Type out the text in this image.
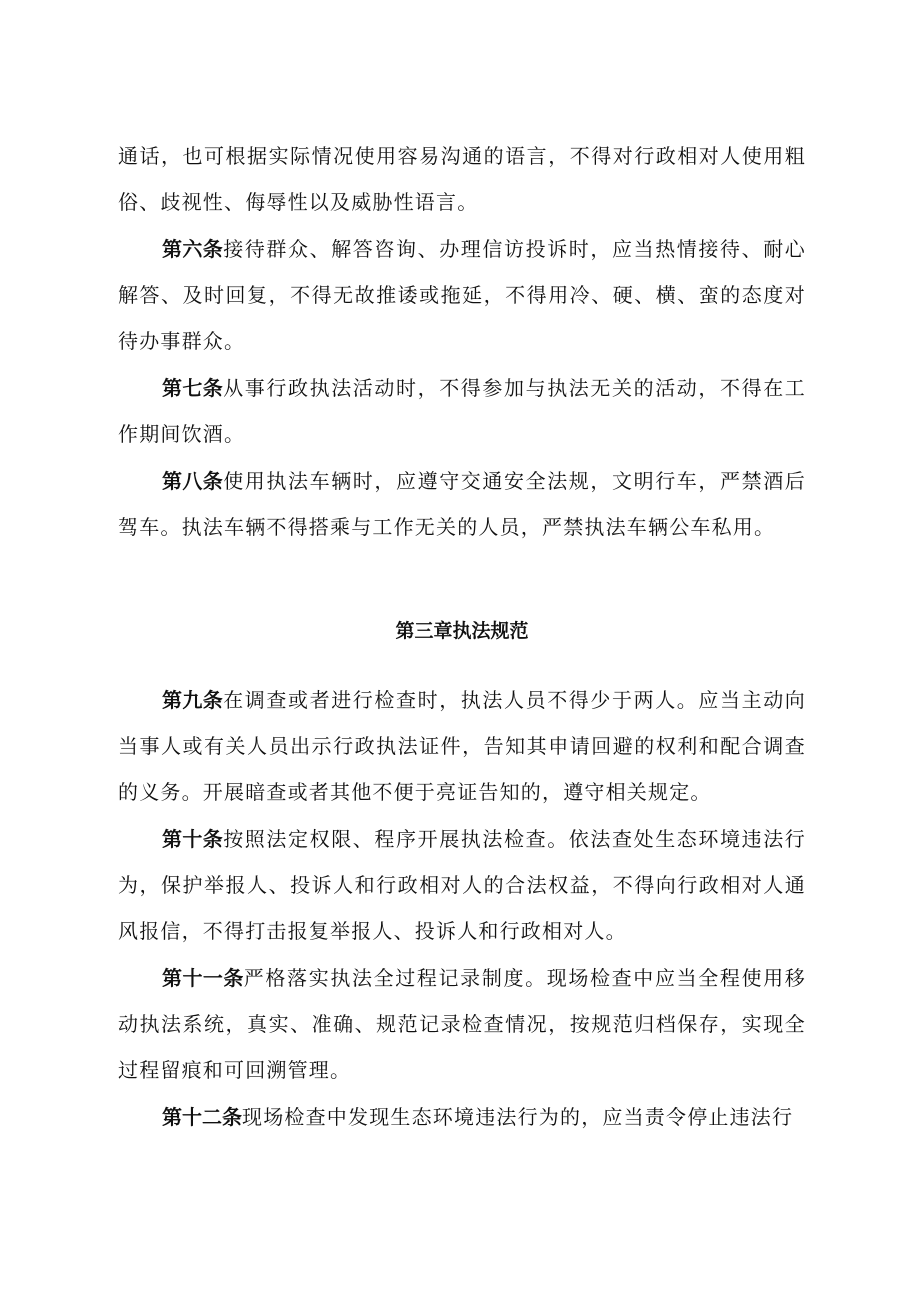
通话，也可根据实际情况使用容易沟通的语言，不得对行政相对人使用粗俗、歧视性、侮辱性以及威胁性语言。

第六条接待群众、解答咨询、办理信访投诉时，应当热情接待、耐心解答、及时回复，不得无故推诿或拖延，不得用冷、硬、横、蛮的态度对待办事群众。

第七条从事行政执法活动时，不得参加与执法无关的活动，不得在工作期间饮酒。

第八条使用执法车辆时，应遵守交通安全法规，文明行车，严禁酒后驾车。执法车辆不得搭乘与工作无关的人员，严禁执法车辆公车私用。

第三章执法规范

第九条在调查或者进行检查时，执法人员不得少于两人。应当主动向当事人或有关人员出示行政执法证件，告知其申请回避的权利和配合调查的义务。开展暗查或者其他不便于亮证告知的，遵守相关规定。

第十条按照法定权限、程序开展执法检查。依法查处生态环境违法行为，保护举报人、投诉人和行政相对人的合法权益，不得向行政相对人通风报信，不得打击报复举报人、投诉人和行政相对人。

第十一条严格落实执法全过程记录制度。现场检查中应当全程使用移动执法系统，真实、准确、规范记录检查情况，按规范归档保存，实现全过程留痕和可回溯管理。

第十二条现场检查中发现生态环境违法行为的，应当责令停止违法行
